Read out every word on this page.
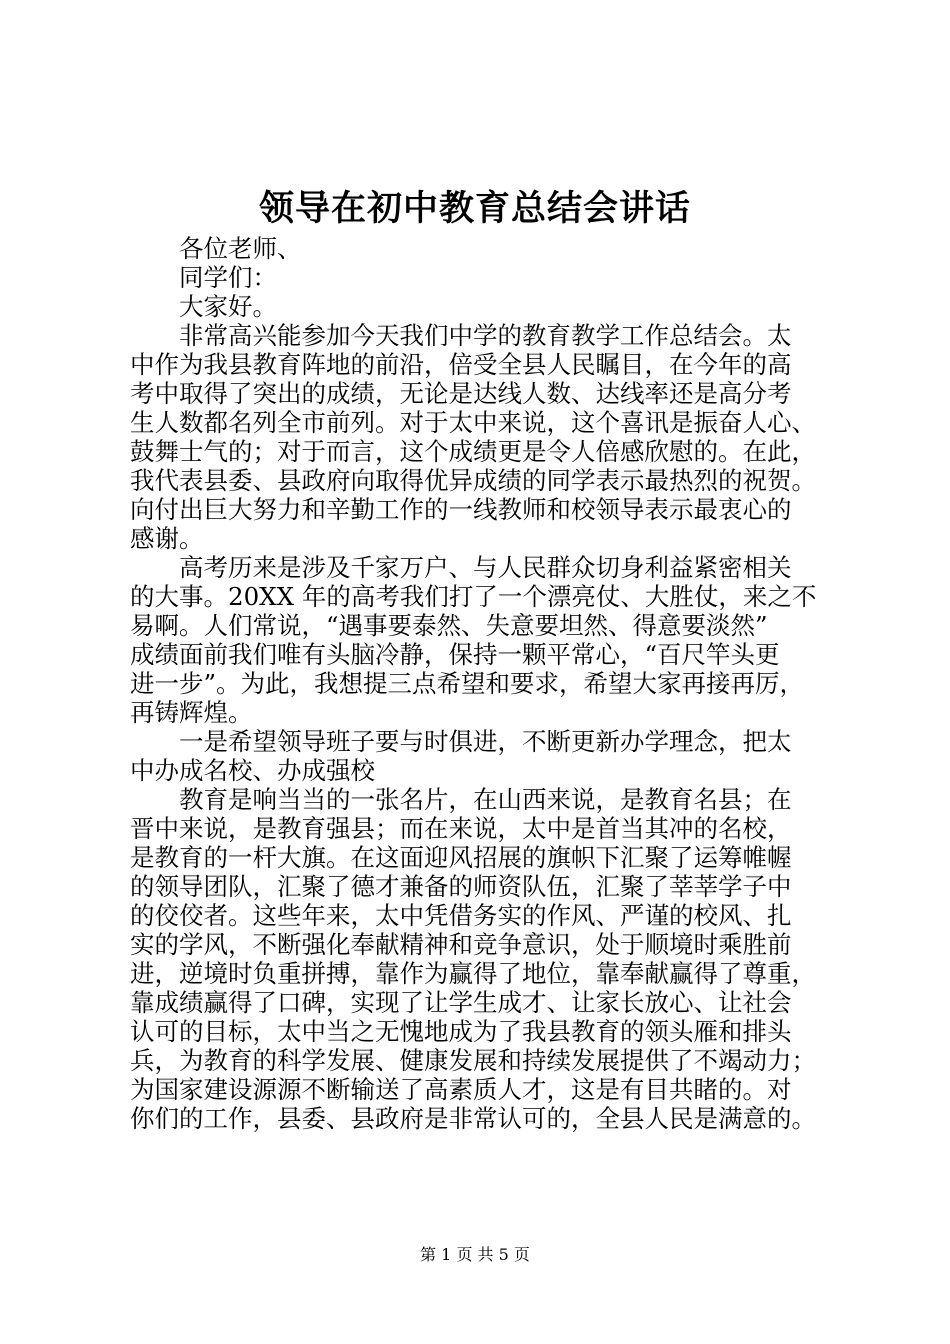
领导在初中教育总结会讲话

各位老师、

同学们：

大家好。

非常高兴能参加今天我们中学的教育教学工作总结会。太
中作为我县教育阵地的前沿，倍受全县人民瞩目，在今年的高
考中取得了突出的成绩，无论是达线人数、达线率还是高分考
生人数都名列全市前列。对于太中来说，这个喜讯是振奋人心、
鼓舞士气的；对于而言，这个成绩更是令人倍感欣慰的。在此，
我代表县委、县政府向取得优异成绩的同学表示最热烈的祝贺。
向付出巨大努力和辛勤工作的一线教师和校领导表示最衷心的
感谢。

高考历来是涉及千家万户、与人民群众切身利益紧密相关
的大事。20XX 年的高考我们打了一个漂亮仗、大胜仗，来之不
易啊。人们常说，“遇事要泰然、失意要坦然、得意要淡然”
成绩面前我们唯有头脑冷静，保持一颗平常心，“百尺竿头更
进一步”。为此，我想提三点希望和要求，希望大家再接再厉，
再铸辉煌。

一是希望领导班子要与时俱进，不断更新办学理念，把太
中办成名校、办成强校

教育是响当当的一张名片，在山西来说，是教育名县；在
晋中来说，是教育强县；而在来说，太中是首当其冲的名校，
是教育的一杆大旗。在这面迎风招展的旗帜下汇聚了运筹帷幄
的领导团队，汇聚了德才兼备的师资队伍，汇聚了莘莘学子中
的佼佼者。这些年来，太中凭借务实的作风、严谨的校风、扎
实的学风，不断强化奉献精神和竞争意识，处于顺境时乘胜前
进，逆境时负重拼搏，靠作为赢得了地位，靠奉献赢得了尊重，
靠成绩赢得了口碑，实现了让学生成才、让家长放心、让社会
认可的目标，太中当之无愧地成为了我县教育的领头雁和排头
兵，为教育的科学发展、健康发展和持续发展提供了不竭动力；
为国家建设源源不断输送了高素质人才，这是有目共睹的。对
你们的工作，县委、县政府是非常认可的，全县人民是满意的。

第 1 页 共 5 页
